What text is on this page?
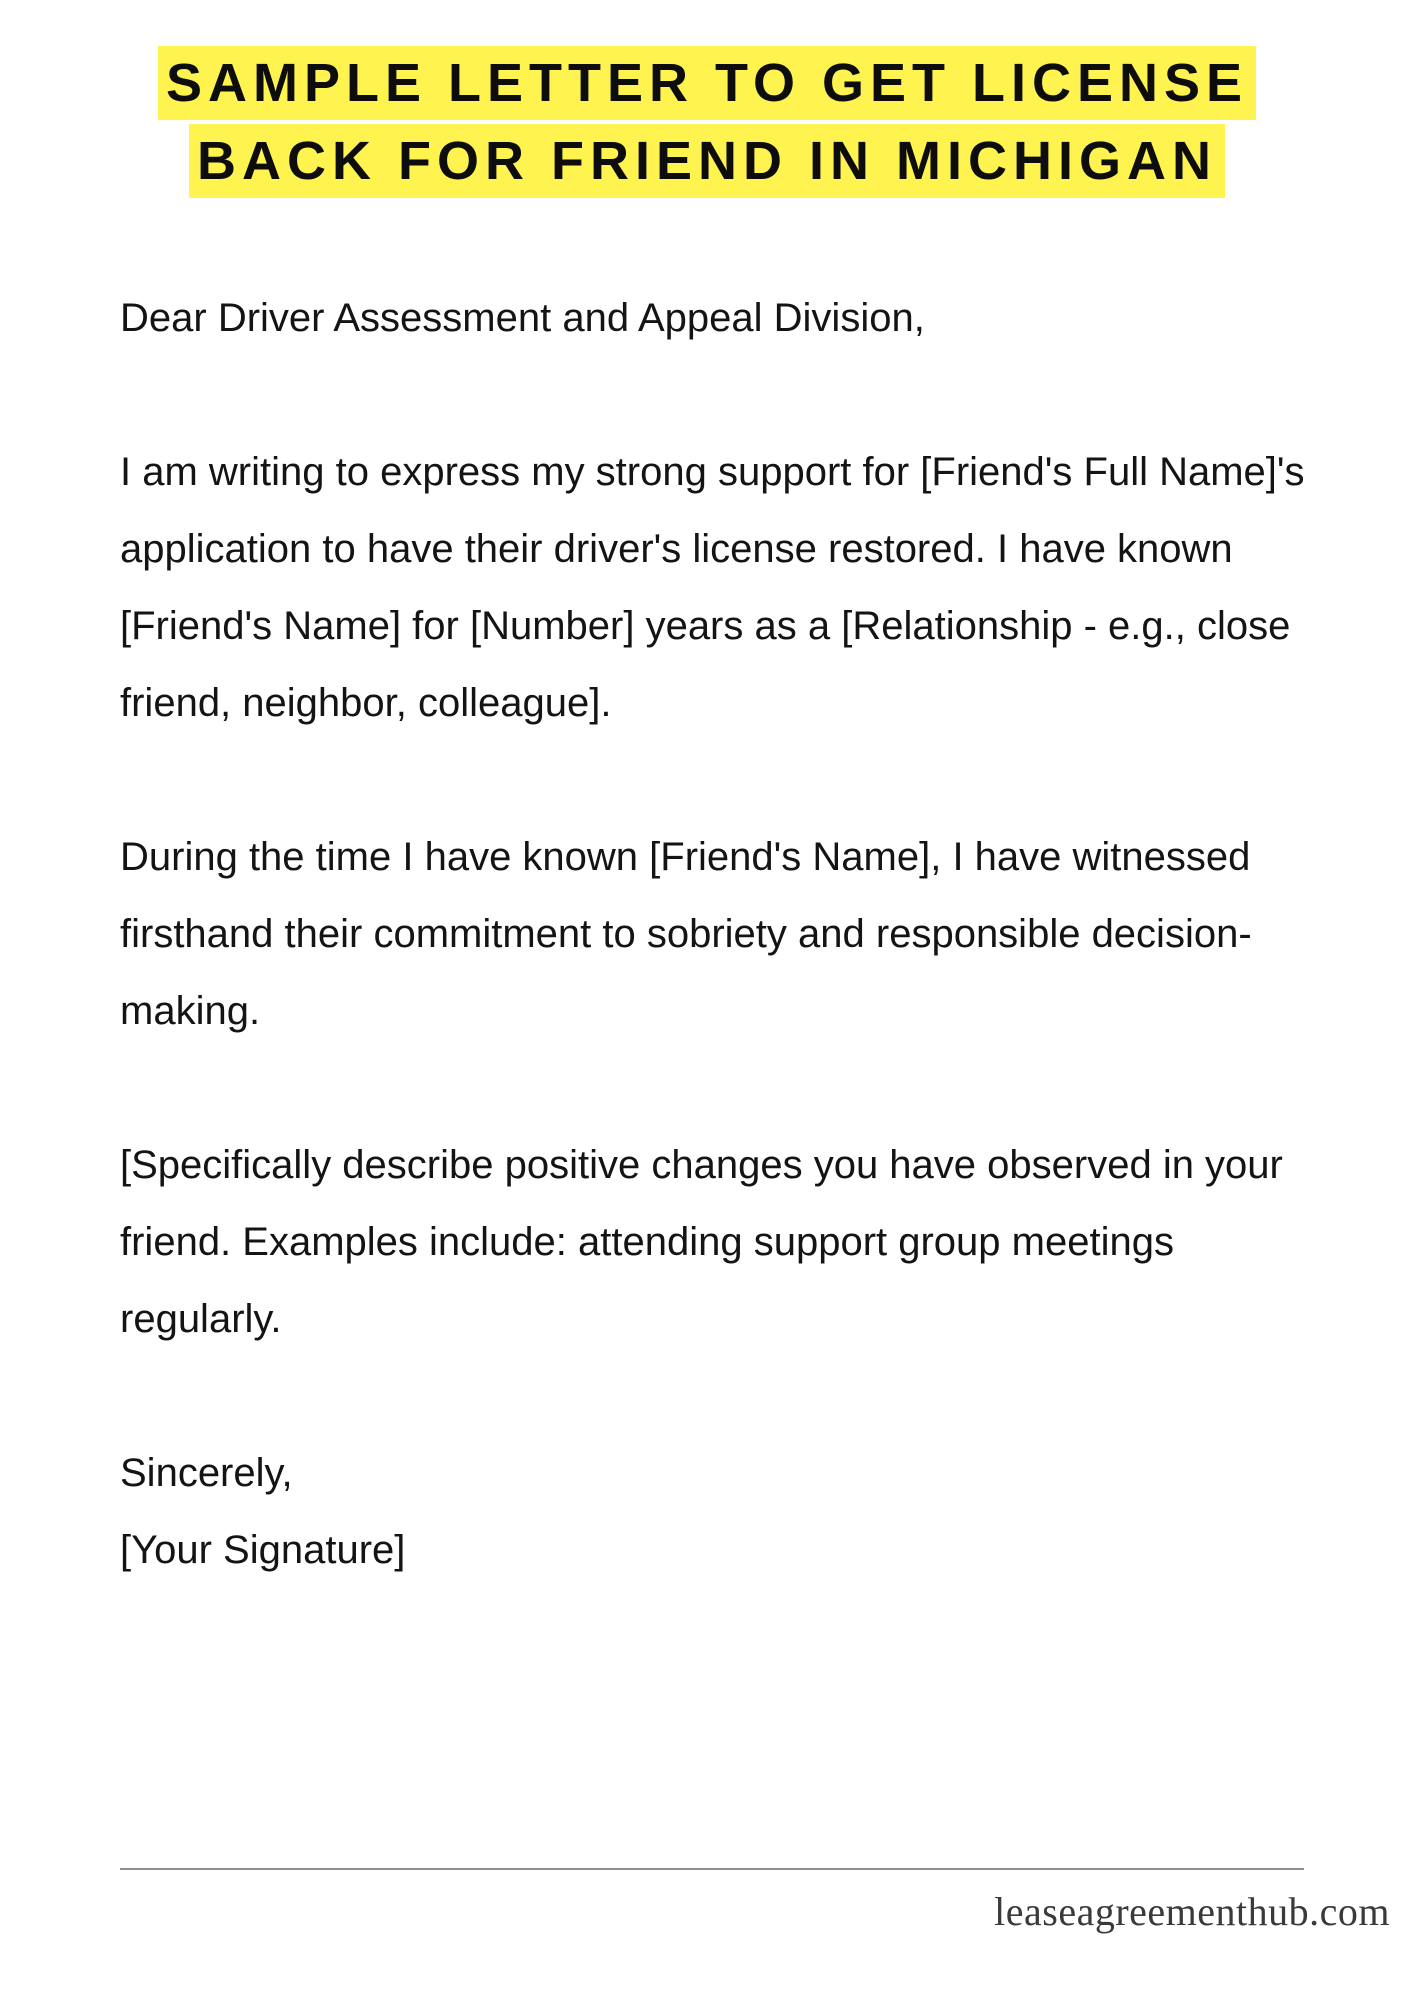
SAMPLE LETTER TO GET LICENSE
BACK FOR FRIEND IN MICHIGAN

Dear Driver Assessment and Appeal Division,

I am writing to express my strong support for [Friend's Full Name]'s application to have their driver's license restored. I have known [Friend's Name] for [Number] years as a [Relationship - e.g., close friend, neighbor, colleague].

During the time I have known [Friend's Name], I have witnessed firsthand their commitment to sobriety and responsible decision-making.

[Specifically describe positive changes you have observed in your friend. Examples include: attending support group meetings regularly.

Sincerely,

[Your Signature]

leaseagreementhub.com
